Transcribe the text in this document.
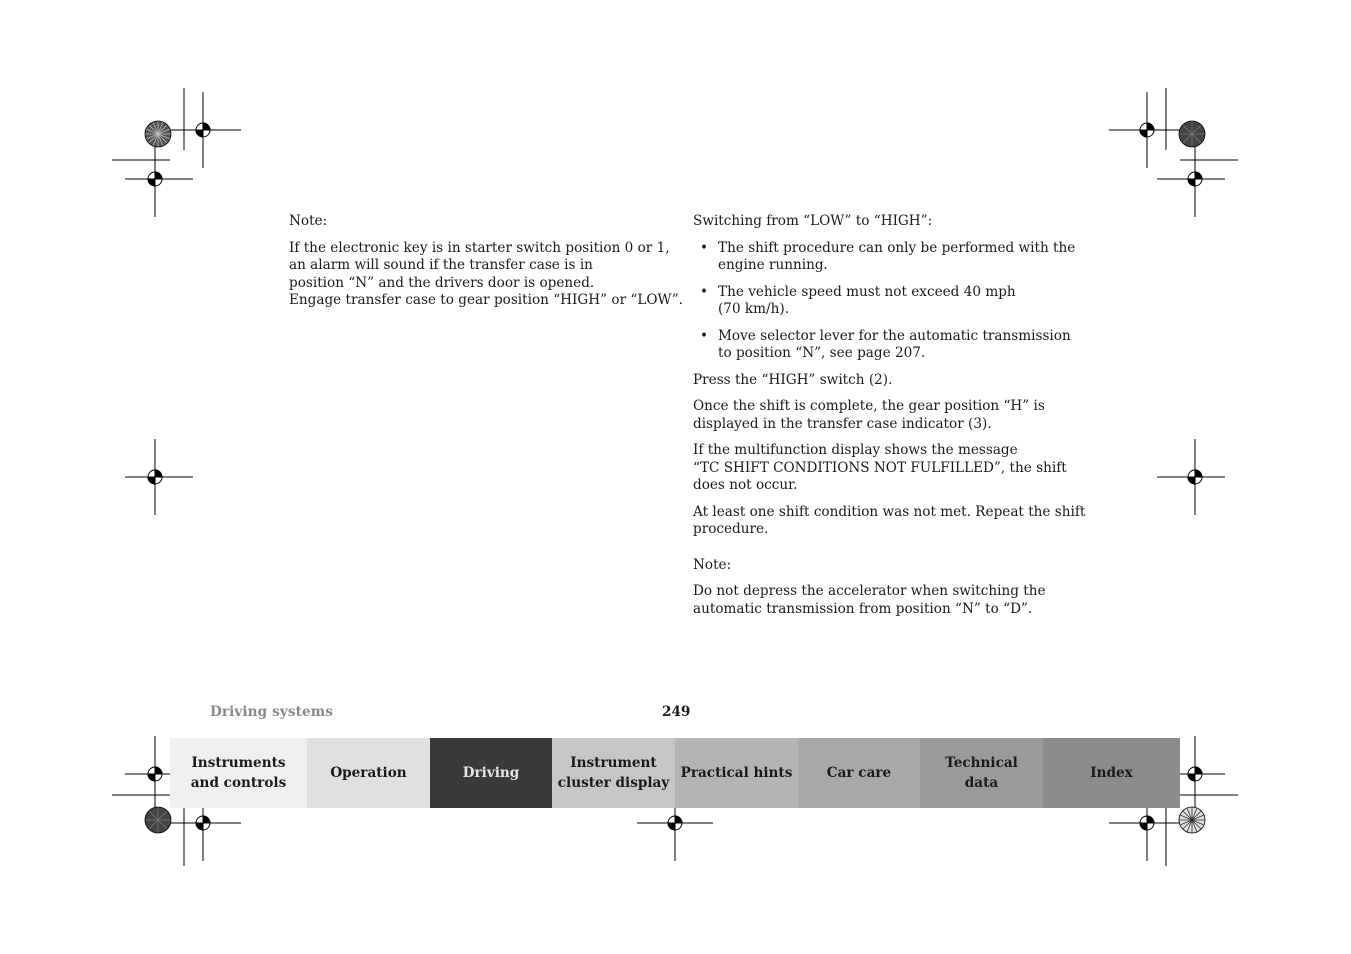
Note:

If the electronic key is in starter switch position 0 or 1,
an alarm will sound if the transfer case is in
position “N” and the drivers door is opened.
Engage transfer case to gear position “HIGH” or “LOW”.

Switching from “LOW” to “HIGH”:

• The shift procedure can only be performed with the
engine running.
• The vehicle speed must not exceed 40 mph
(70 km/h).
• Move selector lever for the automatic transmission
to position “N”, see page 207.

Press the “HIGH” switch (2).

Once the shift is complete, the gear position “H” is
displayed in the transfer case indicator (3).

If the multifunction display shows the message
“TC SHIFT CONDITIONS NOT FULFILLED”, the shift
does not occur.

At least one shift condition was not met. Repeat the shift
procedure.

Note:

Do not depress the accelerator when switching the
automatic transmission from position “N” to “D”.

Driving systems	249
Instruments
and controls
Operation	Driving
Instrument
cluster display
Practical hints	Car care
Technical
data
Index
